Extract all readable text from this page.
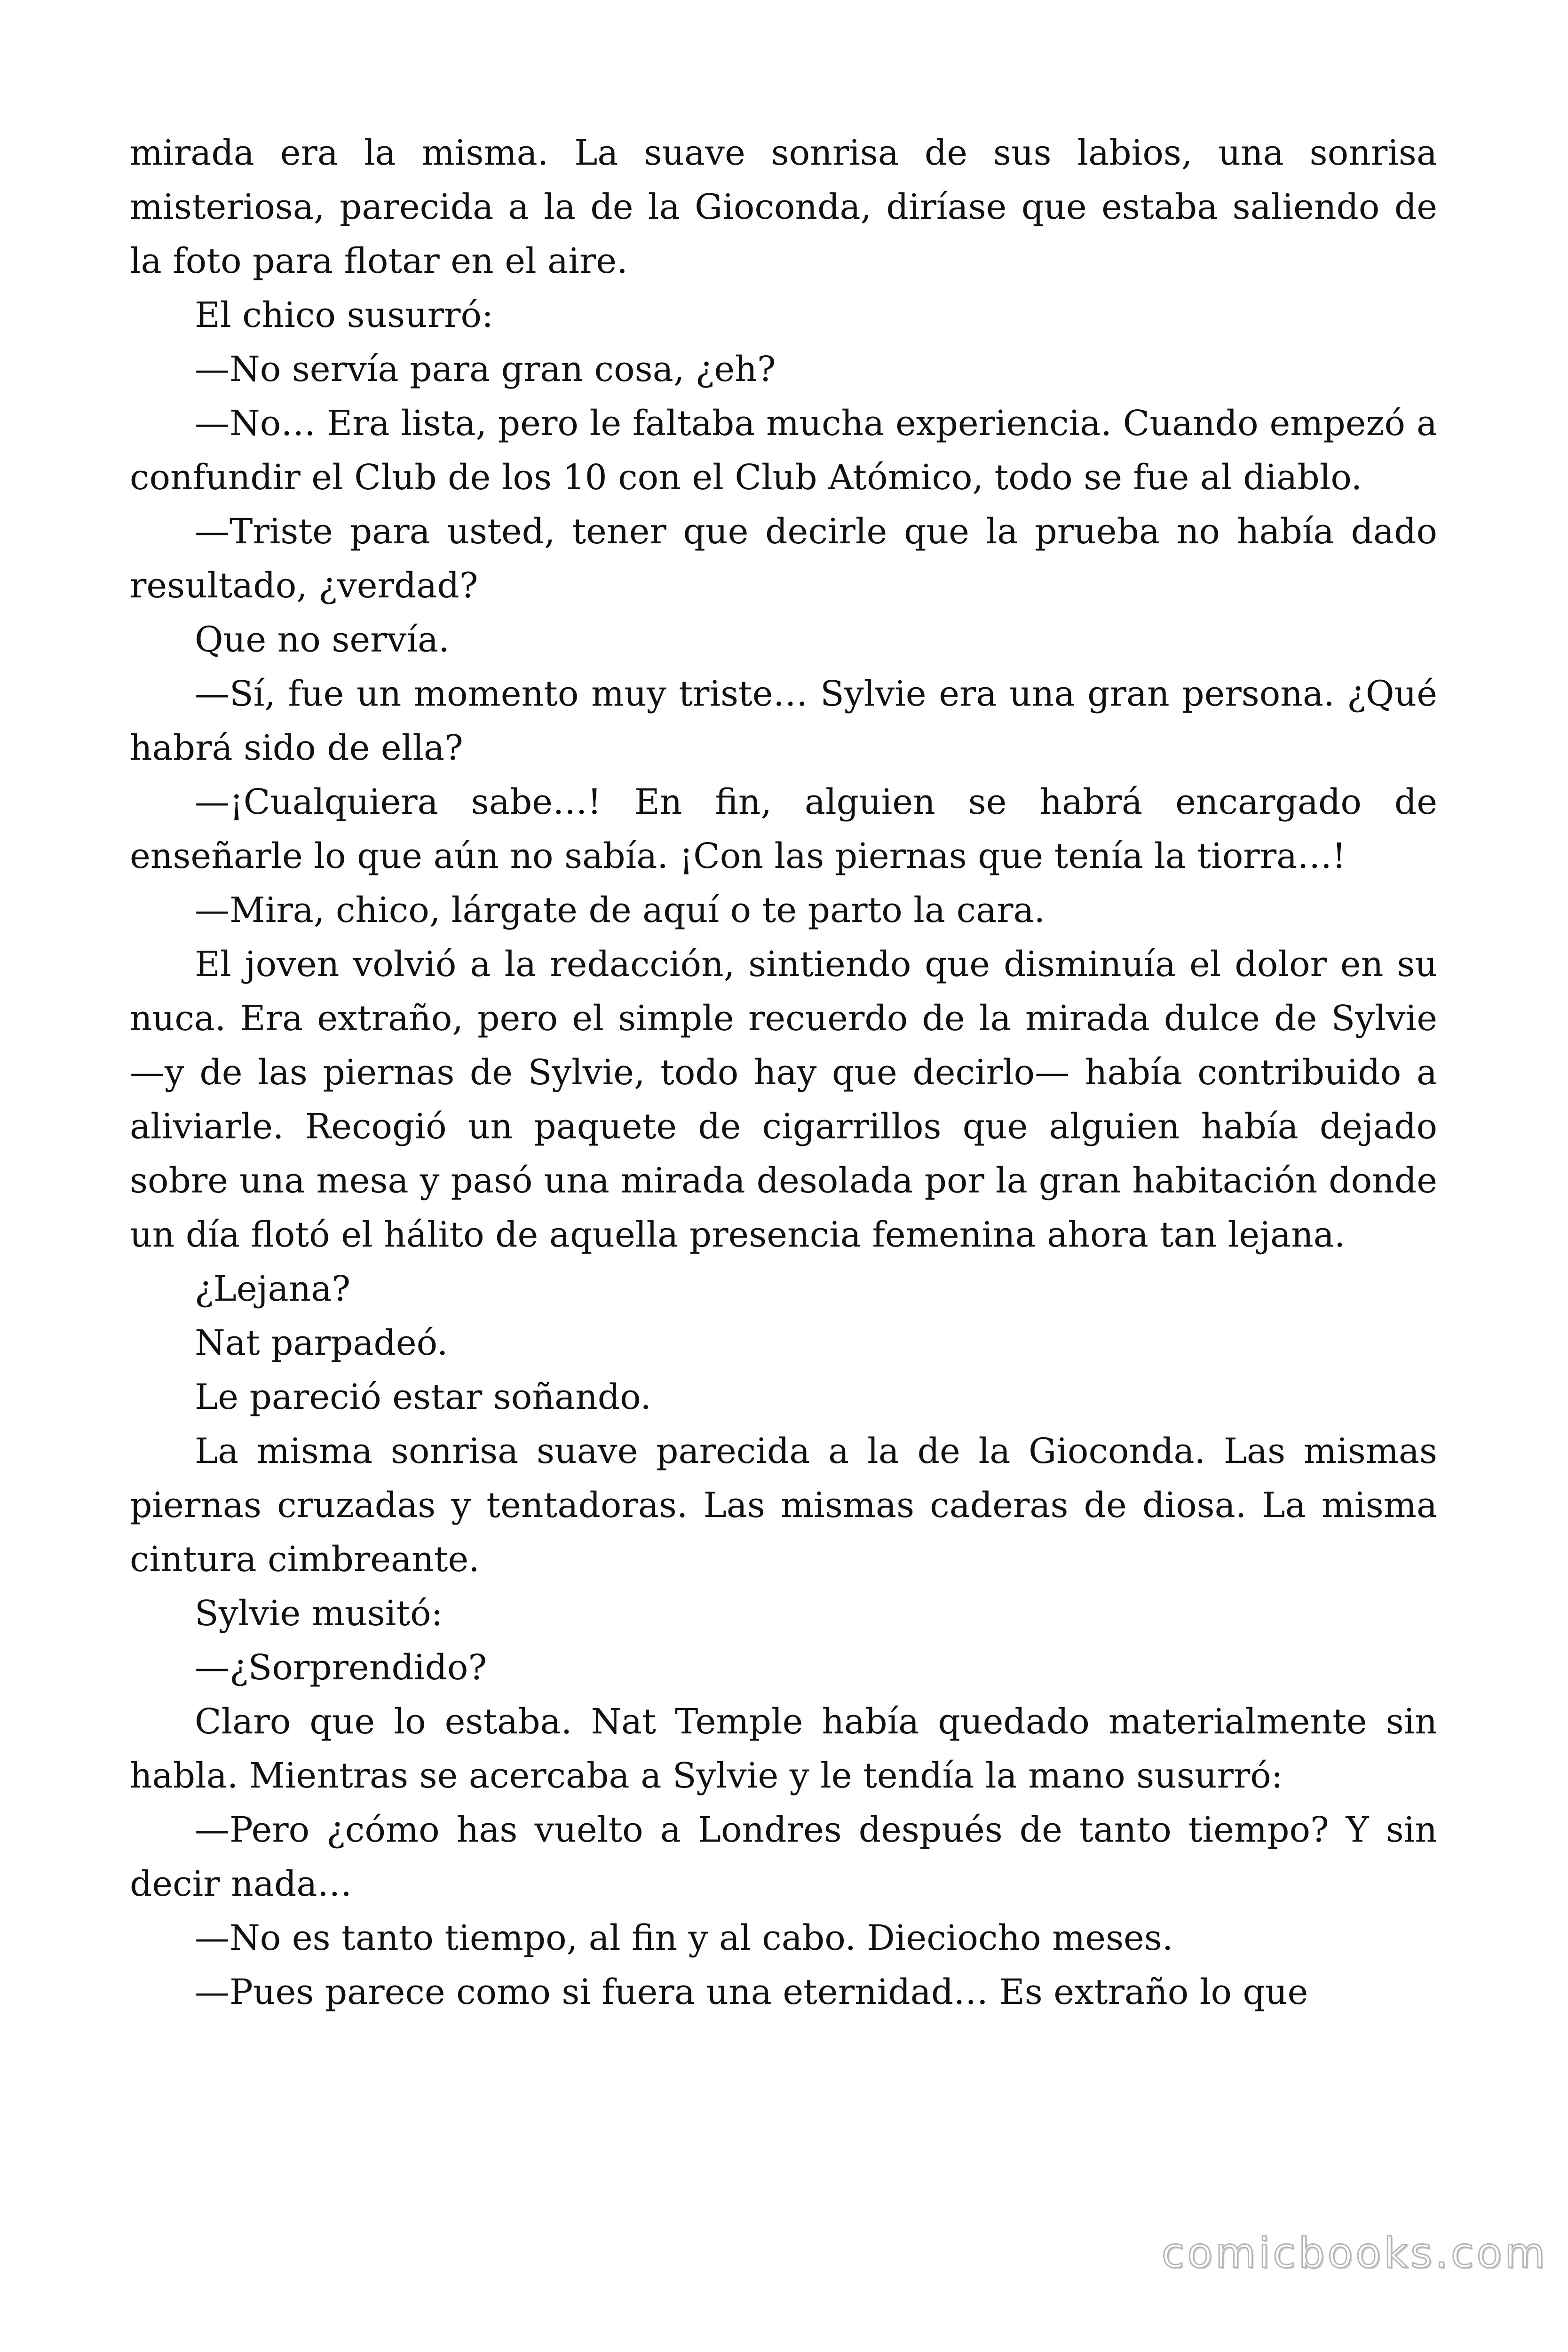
mirada era la misma. La suave sonrisa de sus labios, una sonrisa misteriosa, parecida a la de la Gioconda, diríase que estaba saliendo de la foto para flotar en el aire.

El chico susurró:

—No servía para gran cosa, ¿eh?

—No… Era lista, pero le faltaba mucha experiencia. Cuando empezó a confundir el Club de los 10 con el Club Atómico, todo se fue al diablo.

—Triste para usted, tener que decirle que la prueba no había dado resultado, ¿verdad?

Que no servía.

—Sí, fue un momento muy triste… Sylvie era una gran persona. ¿Qué habrá sido de ella?

—¡Cualquiera sabe…! En fin, alguien se habrá encargado de enseñarle lo que aún no sabía. ¡Con las piernas que tenía la tiorra…!

—Mira, chico, lárgate de aquí o te parto la cara.

El joven volvió a la redacción, sintiendo que disminuía el dolor en su nuca. Era extraño, pero el simple recuerdo de la mirada dulce de Sylvie —y de las piernas de Sylvie, todo hay que decirlo— había contribuido a aliviarle. Recogió un paquete de cigarrillos que alguien había dejado sobre una mesa y pasó una mirada desolada por la gran habitación donde un día flotó el hálito de aquella presencia femenina ahora tan lejana.

¿Lejana?

Nat parpadeó.

Le pareció estar soñando.

La misma sonrisa suave parecida a la de la Gioconda. Las mismas piernas cruzadas y tentadoras. Las mismas caderas de diosa. La misma cintura cimbreante.

Sylvie musitó:

—¿Sorprendido?

Claro que lo estaba. Nat Temple había quedado materialmente sin habla. Mientras se acercaba a Sylvie y le tendía la mano susurró:

—Pero ¿cómo has vuelto a Londres después de tanto tiempo? Y sin decir nada…

—No es tanto tiempo, al fin y al cabo. Dieciocho meses.

—Pues parece como si fuera una eternidad… Es extraño lo que

comicbooks.com
